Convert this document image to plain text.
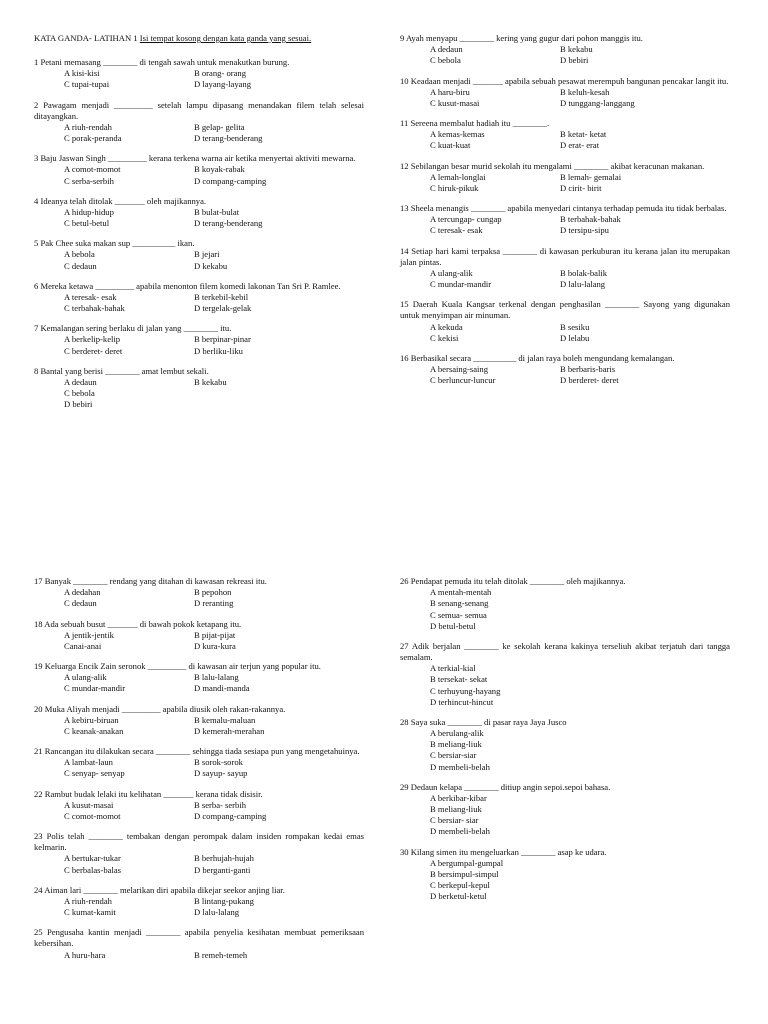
KATA GANDA- LATIHAN 1 Isi tempat kosong dengan kata ganda yang sesuai.
1 Petani memasang ________ di tengah sawah untuk menakutkan burung.
A kisi-kisi	B orang- orang
C tupai-tupai	D layang-layang
2 Pawagam menjadi _________ setelah lampu dipasang menandakan filem telah selesai ditayangkan.
A riuh-rendah	B gelap- gelita
C porak-peranda	D terang-benderang
3 Baju Jaswan Singh _________ kerana terkena warna air ketika menyertai aktiviti mewarna.
A comot-momot	B koyak-rabak
C serba-serbih	D compang-camping
4 Ideanya telah ditolak _______ oleh majikannya.
A hidup-hidup	B bulat-bulat
C betul-betul	D terang-benderang
5 Pak Chee suka makan sup __________ ikan.
A bebola	B jejari
C dedaun	D kekabu
6 Mereka ketawa _________ apabila menonton filem komedi lakonan Tan Sri P. Ramlee.
A teresak- esak	B terkebil-kebil
C terbahak-bahak	D tergelak-gelak
7 Kemalangan sering berlaku di jalan yang ________ itu.
A berkelip-kelip	B berpinar-pinar
C berderet- deret	D berliku-liku
8 Bantal yang berisi ________ amat lembut sekali.
A dedaun	B kekabu
C bebola
D bebiri
17 Banyak ________ rendang yang ditahan di kawasan rekreasi itu.
A dedahan	B pepohon
C dedaun	D reranting
18 Ada sebuah busut _______ di bawah pokok ketapang itu.
A jentik-jentik	B pijat-pijat
Canai-anai	D kura-kura
19 Keluarga Encik Zain seronok _________ di kawasan air terjun yang popular itu.
A ulang-alik	B lalu-lalang
C mundar-mandir	D mandi-manda
20 Muka Aliyah menjadi _________ apabila diusik oleh rakan-rakannya.
A kebiru-biruan	B kemalu-maluan
C keanak-anakan	D kemerah-merahan
21 Rancangan itu dilakukan secara ________ sehingga tiada sesiapa pun yang mengetahuinya.
A lambat-laun	B sorok-sorok
C senyap- senyap	D sayup- sayup
22 Rambut budak lelaki itu kelihatan _______ kerana tidak disisir.
A kusut-masai	B serba- serbih
C comot-momot	D compang-camping
23 Polis telah ________ tembakan dengan perompak dalam insiden rompakan kedai emas kelmarin.
A bertukar-tukar	B berhujah-hujah
C berbalas-balas	D berganti-ganti
24 Aiman lari ________ melarikan diri apabila dikejar seekor anjing liar.
A riuh-rendah	B lintang-pukang
C kumat-kamit	D lalu-lalang
25 Pengusaha kantin menjadi ________ apabila penyelia kesihatan membuat pemeriksaan kebersihan.
A huru-hara	B remeh-temeh
9 Ayah menyapu ________ kering yang gugur dari pohon manggis itu.
A dedaun	B kekabu
C bebola	D bebiri
10 Keadaan menjadi _______ apabila sebuah pesawat merempuh bangunan pencakar langit itu.
A haru-biru	B keluh-kesah
C kusut-masai	D tunggang-langgang
11 Sereena membalut hadiah itu ________.
A kemas-kemas	B ketat- ketat
C kuat-kuat	D erat- erat
12 Sebilangan besar murid sekolah itu mengalami ________ akibat keracunan makanan.
A lemah-longlai	B lemah- gemalai
C hiruk-pikuk	D cirit- birit
13 Sheela menangis ________ apabila menyedari cintanya terhadap pemuda itu tidak berbalas.
A tercungap- cungap	B terbahak-bahak
C teresak- esak	D tersipu-sipu
14 Setiap hari kami terpaksa ________ di kawasan perkuburan itu kerana jalan itu merupakan jalan pintas.
A ulang-alik	B bolak-balik
C mundar-mandir	D lalu-lalang
15 Daerah Kuala Kangsar terkenal dengan penghasilan ________ Sayong yang digunakan untuk menyimpan air minuman.
A kekuda	B sesiku
C kekisi	D lelabu
16 Berbasikal secara __________ di jalan raya boleh mengundang kemalangan.
A bersaing-saing	B berbaris-baris
C berluncur-luncur	D berderet- deret
26 Pendapat pemuda itu telah ditolak ________ oleh majikannya.
A mentah-mentah
B senang-senang
C semua- semua
D betul-betul
27 Adik berjalan ________ ke sekolah kerana kakinya terseliuh akibat terjatuh dari tangga semalam.
A terkial-kial
B tersekat- sekat
C terhuyung-hayang
D terhincut-hincut
28 Saya suka ________ di pasar raya Jaya Jusco
A berulang-alik
B meliang-liuk
C bersiar-siar
D membeli-belah
29 Dedaun kelapa ________ ditiup angin sepoi.sepoi bahasa.
A berkibar-kibar
B meliang-liuk
C bersiar- siar
D membeli-belah
30 Kilang simen itu mengeluarkan ________ asap ke udara.
A bergumpal-gumpal
B bersimpul-simpul
C berkepul-kepul
D berketul-ketul
